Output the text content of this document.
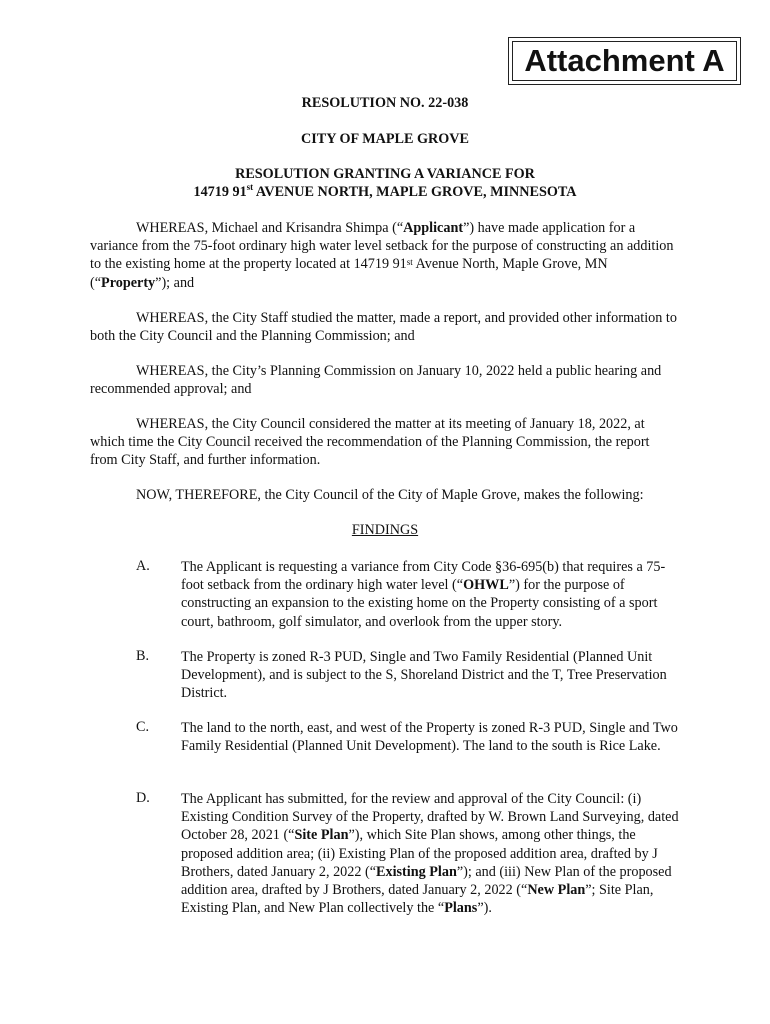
Attachment A
RESOLUTION NO. 22-038
CITY OF MAPLE GROVE
RESOLUTION GRANTING A VARIANCE FOR
14719 91st AVENUE NORTH, MAPLE GROVE, MINNESOTA
WHEREAS, Michael and Krisandra Shimpa (“Applicant”) have made application for a variance from the 75-foot ordinary high water level setback for the purpose of constructing an addition to the existing home at the property located at 14719 91st Avenue North, Maple Grove, MN (“Property”); and
WHEREAS, the City Staff studied the matter, made a report, and provided other information to both the City Council and the Planning Commission; and
WHEREAS, the City’s Planning Commission on January 10, 2022 held a public hearing and recommended approval; and
WHEREAS, the City Council considered the matter at its meeting of January 18, 2022, at which time the City Council received the recommendation of the Planning Commission, the report from City Staff, and further information.
NOW, THEREFORE, the City Council of the City of Maple Grove, makes the following:
FINDINGS
A. The Applicant is requesting a variance from City Code §36-695(b) that requires a 75-foot setback from the ordinary high water level (“OHWL”) for the purpose of constructing an expansion to the existing home on the Property consisting of a sport court, bathroom, golf simulator, and overlook from the upper story.
B. The Property is zoned R-3 PUD, Single and Two Family Residential (Planned Unit Development), and is subject to the S, Shoreland District and the T, Tree Preservation District.
C. The land to the north, east, and west of the Property is zoned R-3 PUD, Single and Two Family Residential (Planned Unit Development). The land to the south is Rice Lake.
D. The Applicant has submitted, for the review and approval of the City Council: (i) Existing Condition Survey of the Property, drafted by W. Brown Land Surveying, dated October 28, 2021 (“Site Plan”), which Site Plan shows, among other things, the proposed addition area; (ii) Existing Plan of the proposed addition area, drafted by J Brothers, dated January 2, 2022 (“Existing Plan”); and (iii) New Plan of the proposed addition area, drafted by J Brothers, dated January 2, 2022 (“New Plan”; Site Plan, Existing Plan, and New Plan collectively the “Plans”).
